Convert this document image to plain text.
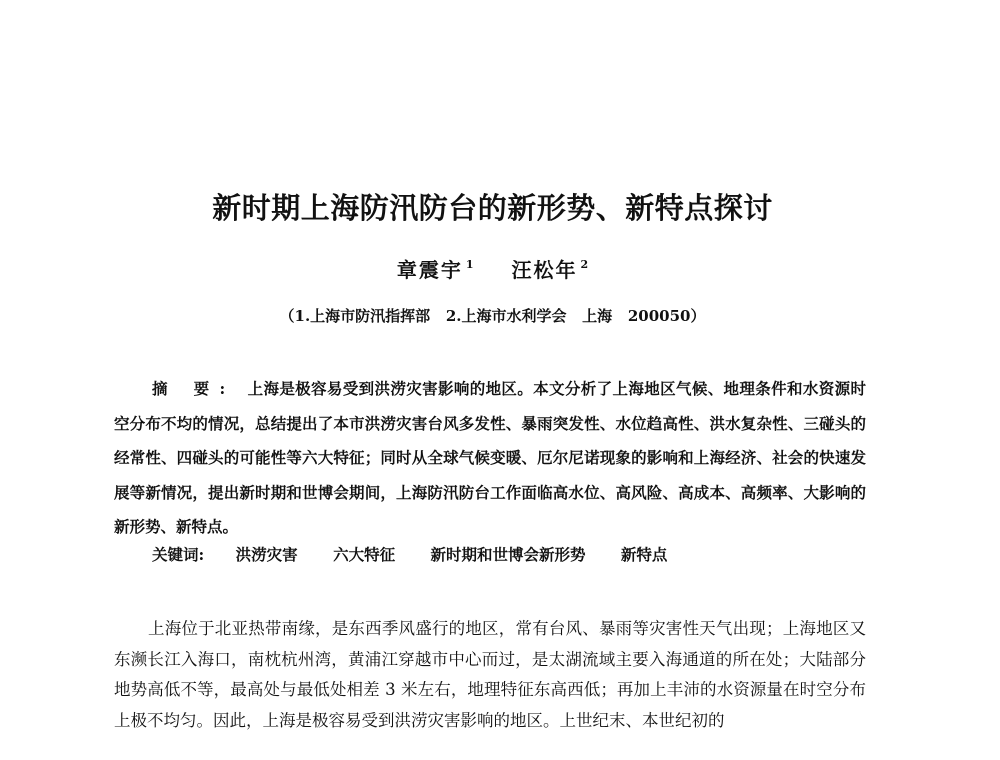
新时期上海防汛防台的新形势、新特点探讨
章震宇 $^1$ 汪松年 $^2$
（1.上海市防汛指挥部   2.上海市水利学会   上海   200050）

摘 要: 上海是极容易受到洪涝灾害影响的地区。本文分析了上海地区气候、地理条件和水资源时空分布不均的情况，总结提出了本市洪涝灾害台风多发性、暴雨突发性、水位趋高性、洪水复杂性、三碰头的经常性、四碰头的可能性等六大特征；同时从全球气候变暖、厄尔尼诺现象的影响和上海经济、社会的快速发展等新情况，提出新时期和世博会期间，上海防汛防台工作面临高水位、高风险、高成本、高频率、大影响的新形势、新特点。

关键词: 洪涝灾害 六大特征 新时期和世博会新形势 新特点

上海位于北亚热带南缘，是东西季风盛行的地区，常有台风、暴雨等灾害性天气出现；上海地区又东濒长江入海口，南枕杭州湾，黄浦江穿越市中心而过，是太湖流域主要入海通道的所在处；大陆部分地势高低不等，最高处与最低处相差 3 米左右，地理特征东高西低；再加上丰沛的水资源量在时空分布上极不均匀。因此，上海是极容易受到洪涝灾害影响的地区。上世纪末、本世纪初的
